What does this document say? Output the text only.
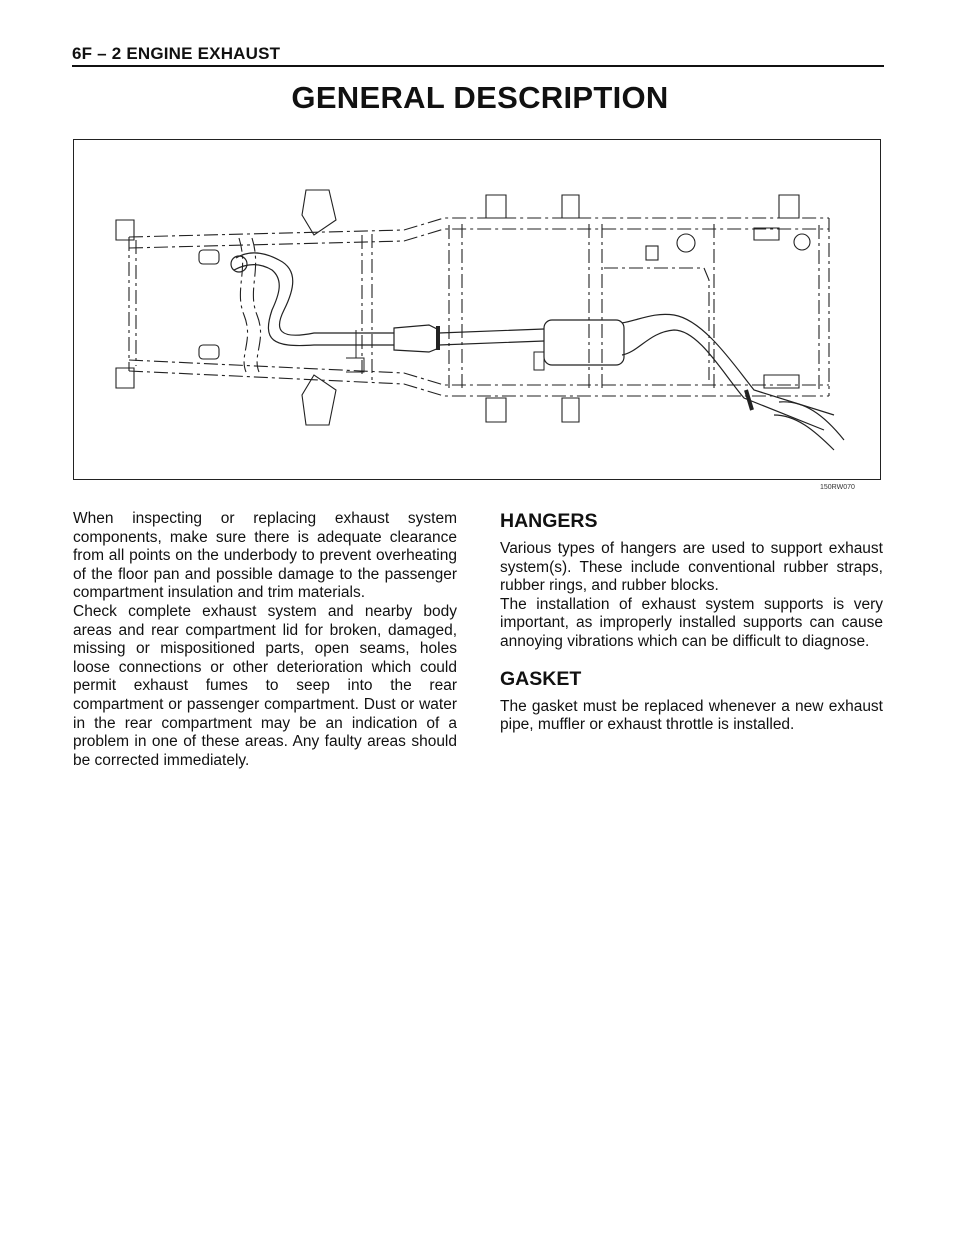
6F – 2 ENGINE EXHAUST
GENERAL DESCRIPTION
150RW070

When inspecting or replacing exhaust system components, make sure there is adequate clearance from all points on the underbody to prevent overheating of the floor pan and possible damage to the passenger compartment insulation and trim materials.

Check complete exhaust system and nearby body areas and rear compartment lid for broken, damaged, missing or mispositioned parts, open seams, holes loose connections or other deterioration which could permit exhaust fumes to seep into the rear compartment or passenger compartment. Dust or water in the rear compartment may be an indication of a problem in one of these areas. Any faulty areas should be corrected immediately.

HANGERS

Various types of hangers are used to support exhaust system(s). These include conventional rubber straps, rubber rings, and rubber blocks.

The installation of exhaust system supports is very important, as improperly installed supports can cause annoying vibrations which can be difficult to diagnose.

GASKET

The gasket must be replaced whenever a new exhaust pipe, muffler or exhaust throttle is installed.
